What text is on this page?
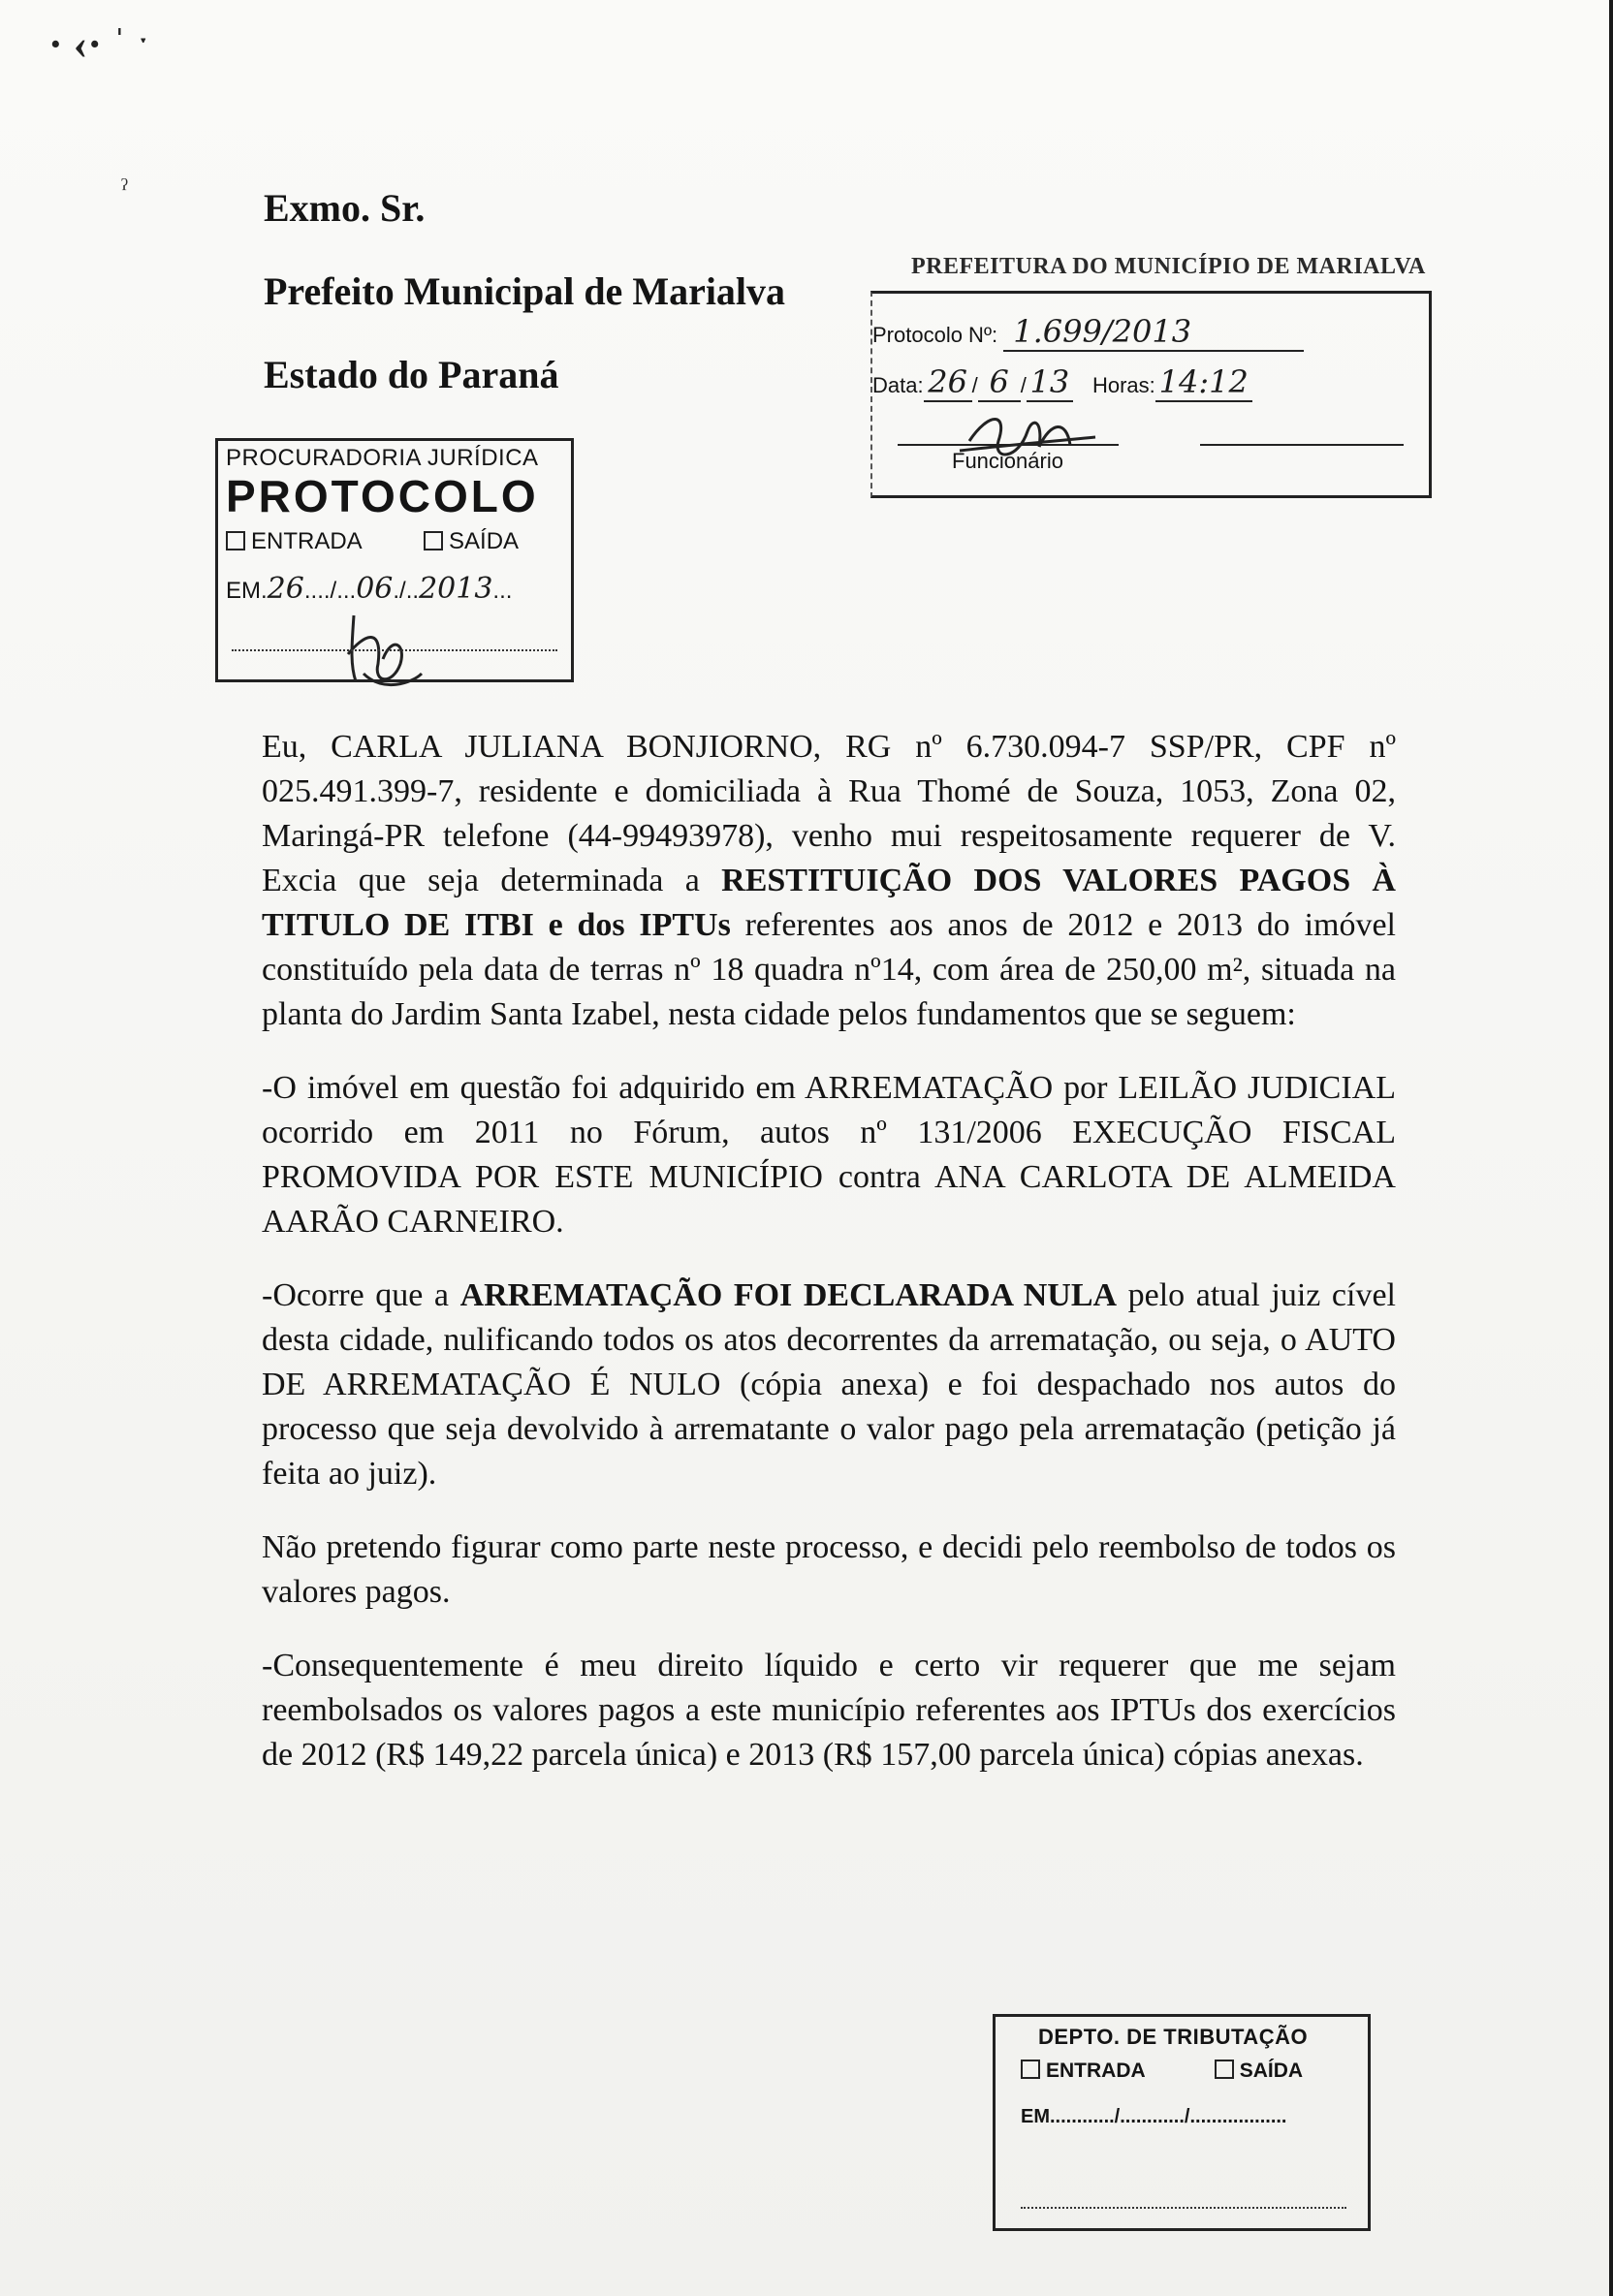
· ‹· ˈ ˑ
ˀ	Exmo. Sr.
Prefeito Municipal de Marialva
Estado do Paraná
PROCURADORIA JURÍDICA
PROTOCOLO
ENTRADA	SAÍDA
EM.26..../...06./..2013...
PREFEITURA DO MUNICÍPIO DE MARIALVA
Protocolo Nº: 1.699/2013
Data: 26 / 6 / 13 Horas: 14:12
Funcionário

Eu, CARLA JULIANA BONJIORNO, RG nº 6.730.094-7 SSP/PR, CPF nº 025.491.399-7, residente e domiciliada à Rua Thomé de Souza, 1053, Zona 02, Maringá-PR telefone (44-99493978), venho mui respeitosamente requerer de V. Excia que seja determinada a RESTITUIÇÃO DOS VALORES PAGOS À TITULO DE ITBI e dos IPTUs referentes aos anos de 2012 e 2013 do imóvel constituído pela data de terras nº 18 quadra nº14, com área de 250,00 m², situada na planta do Jardim Santa Izabel, nesta cidade pelos fundamentos que se seguem:

-O imóvel em questão foi adquirido em ARREMATAÇÃO por LEILÃO JUDICIAL ocorrido em 2011 no Fórum, autos nº 131/2006 EXECUÇÃO FISCAL PROMOVIDA POR ESTE MUNICÍPIO contra ANA CARLOTA DE ALMEIDA AARÃO CARNEIRO.

-Ocorre que a ARREMATAÇÃO FOI DECLARADA NULA pelo atual juiz cível desta cidade, nulificando todos os atos decorrentes da arrematação, ou seja, o AUTO DE ARREMATAÇÃO É NULO (cópia anexa) e foi despachado nos autos do processo que seja devolvido à arrematante o valor pago pela arrematação (petição já feita ao juiz).

Não pretendo figurar como parte neste processo, e decidi pelo reembolso de todos os valores pagos.

-Consequentemente é meu direito líquido e certo vir requerer que me sejam reembolsados os valores pagos a este município referentes aos IPTUs dos exercícios de 2012 (R$ 149,22 parcela única) e 2013 (R$ 157,00 parcela única) cópias anexas.

DEPTO. DE TRIBUTAÇÃO
ENTRADA	SAÍDA
EM............/............/..................
